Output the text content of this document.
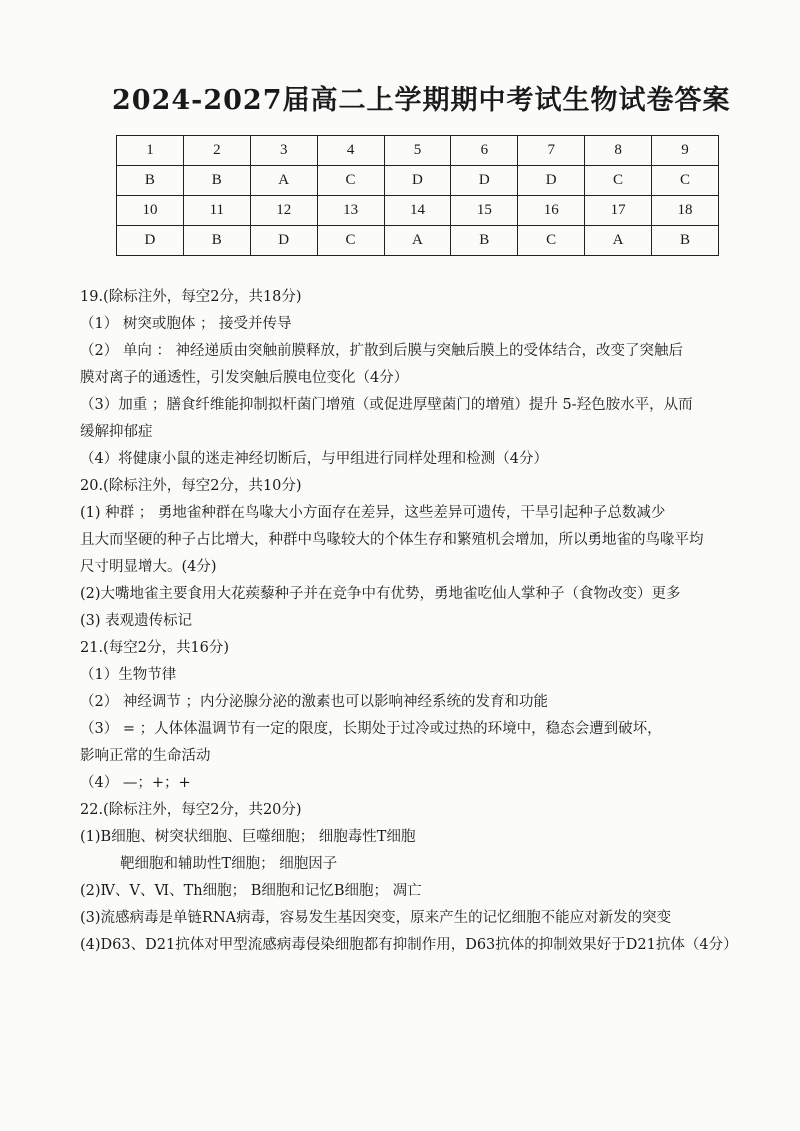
2024-2027届高二上学期期中考试生物试卷答案
1	2	3	4	5	6	7	8	9
B	B	A	C	D	D	D	C	C
10	11	12	13	14	15	16	17	18
D	B	D	C	A	B	C	A	B
19.(除标注外，每空2分，共18分)
（1） 树突或胞体 ； 接受并传导
（2） 单向 ： 神经递质由突触前膜释放，扩散到后膜与突触后膜上的受体结合，改变了突触后
膜对离子的通透性，引发突触后膜电位变化（4分）
（3）加重 ；膳食纤维能抑制拟杆菌门增殖（或促进厚壁菌门的增殖）提升 5-羟色胺水平，从而
缓解抑郁症
（4）将健康小鼠的迷走神经切断后，与甲组进行同样处理和检测（4分）
20.(除标注外，每空2分，共10分)
(1) 种群 ； 勇地雀种群在鸟喙大小方面存在差异，这些差异可遗传，干旱引起种子总数减少
且大而坚硬的种子占比增大，种群中鸟喙较大的个体生存和繁殖机会增加，所以勇地雀的鸟喙平均
尺寸明显增大。(4分)
(2)大嘴地雀主要食用大花蒺藜种子并在竞争中有优势，勇地雀吃仙人掌种子（食物改变）更多
(3) 表观遗传标记
21.(每空2分，共16分)
（1）生物节律
（2） 神经调节 ；内分泌腺分泌的激素也可以影响神经系统的发育和功能
（3） = ；人体体温调节有一定的限度，长期处于过冷或过热的环境中，稳态会遭到破坏，
影响正常的生命活动
（4） —；+；+
22.(除标注外，每空2分，共20分)
(1)B细胞、树突状细胞、巨噬细胞； 细胞毒性T细胞
靶细胞和辅助性T细胞； 细胞因子
(2)Ⅳ、Ⅴ、Ⅵ、Th细胞； B细胞和记忆B细胞； 凋亡
(3)流感病毒是单链RNA病毒，容易发生基因突变，原来产生的记忆细胞不能应对新发的突变
(4)D63、D21抗体对甲型流感病毒侵染细胞都有抑制作用，D63抗体的抑制效果好于D21抗体（4分）
